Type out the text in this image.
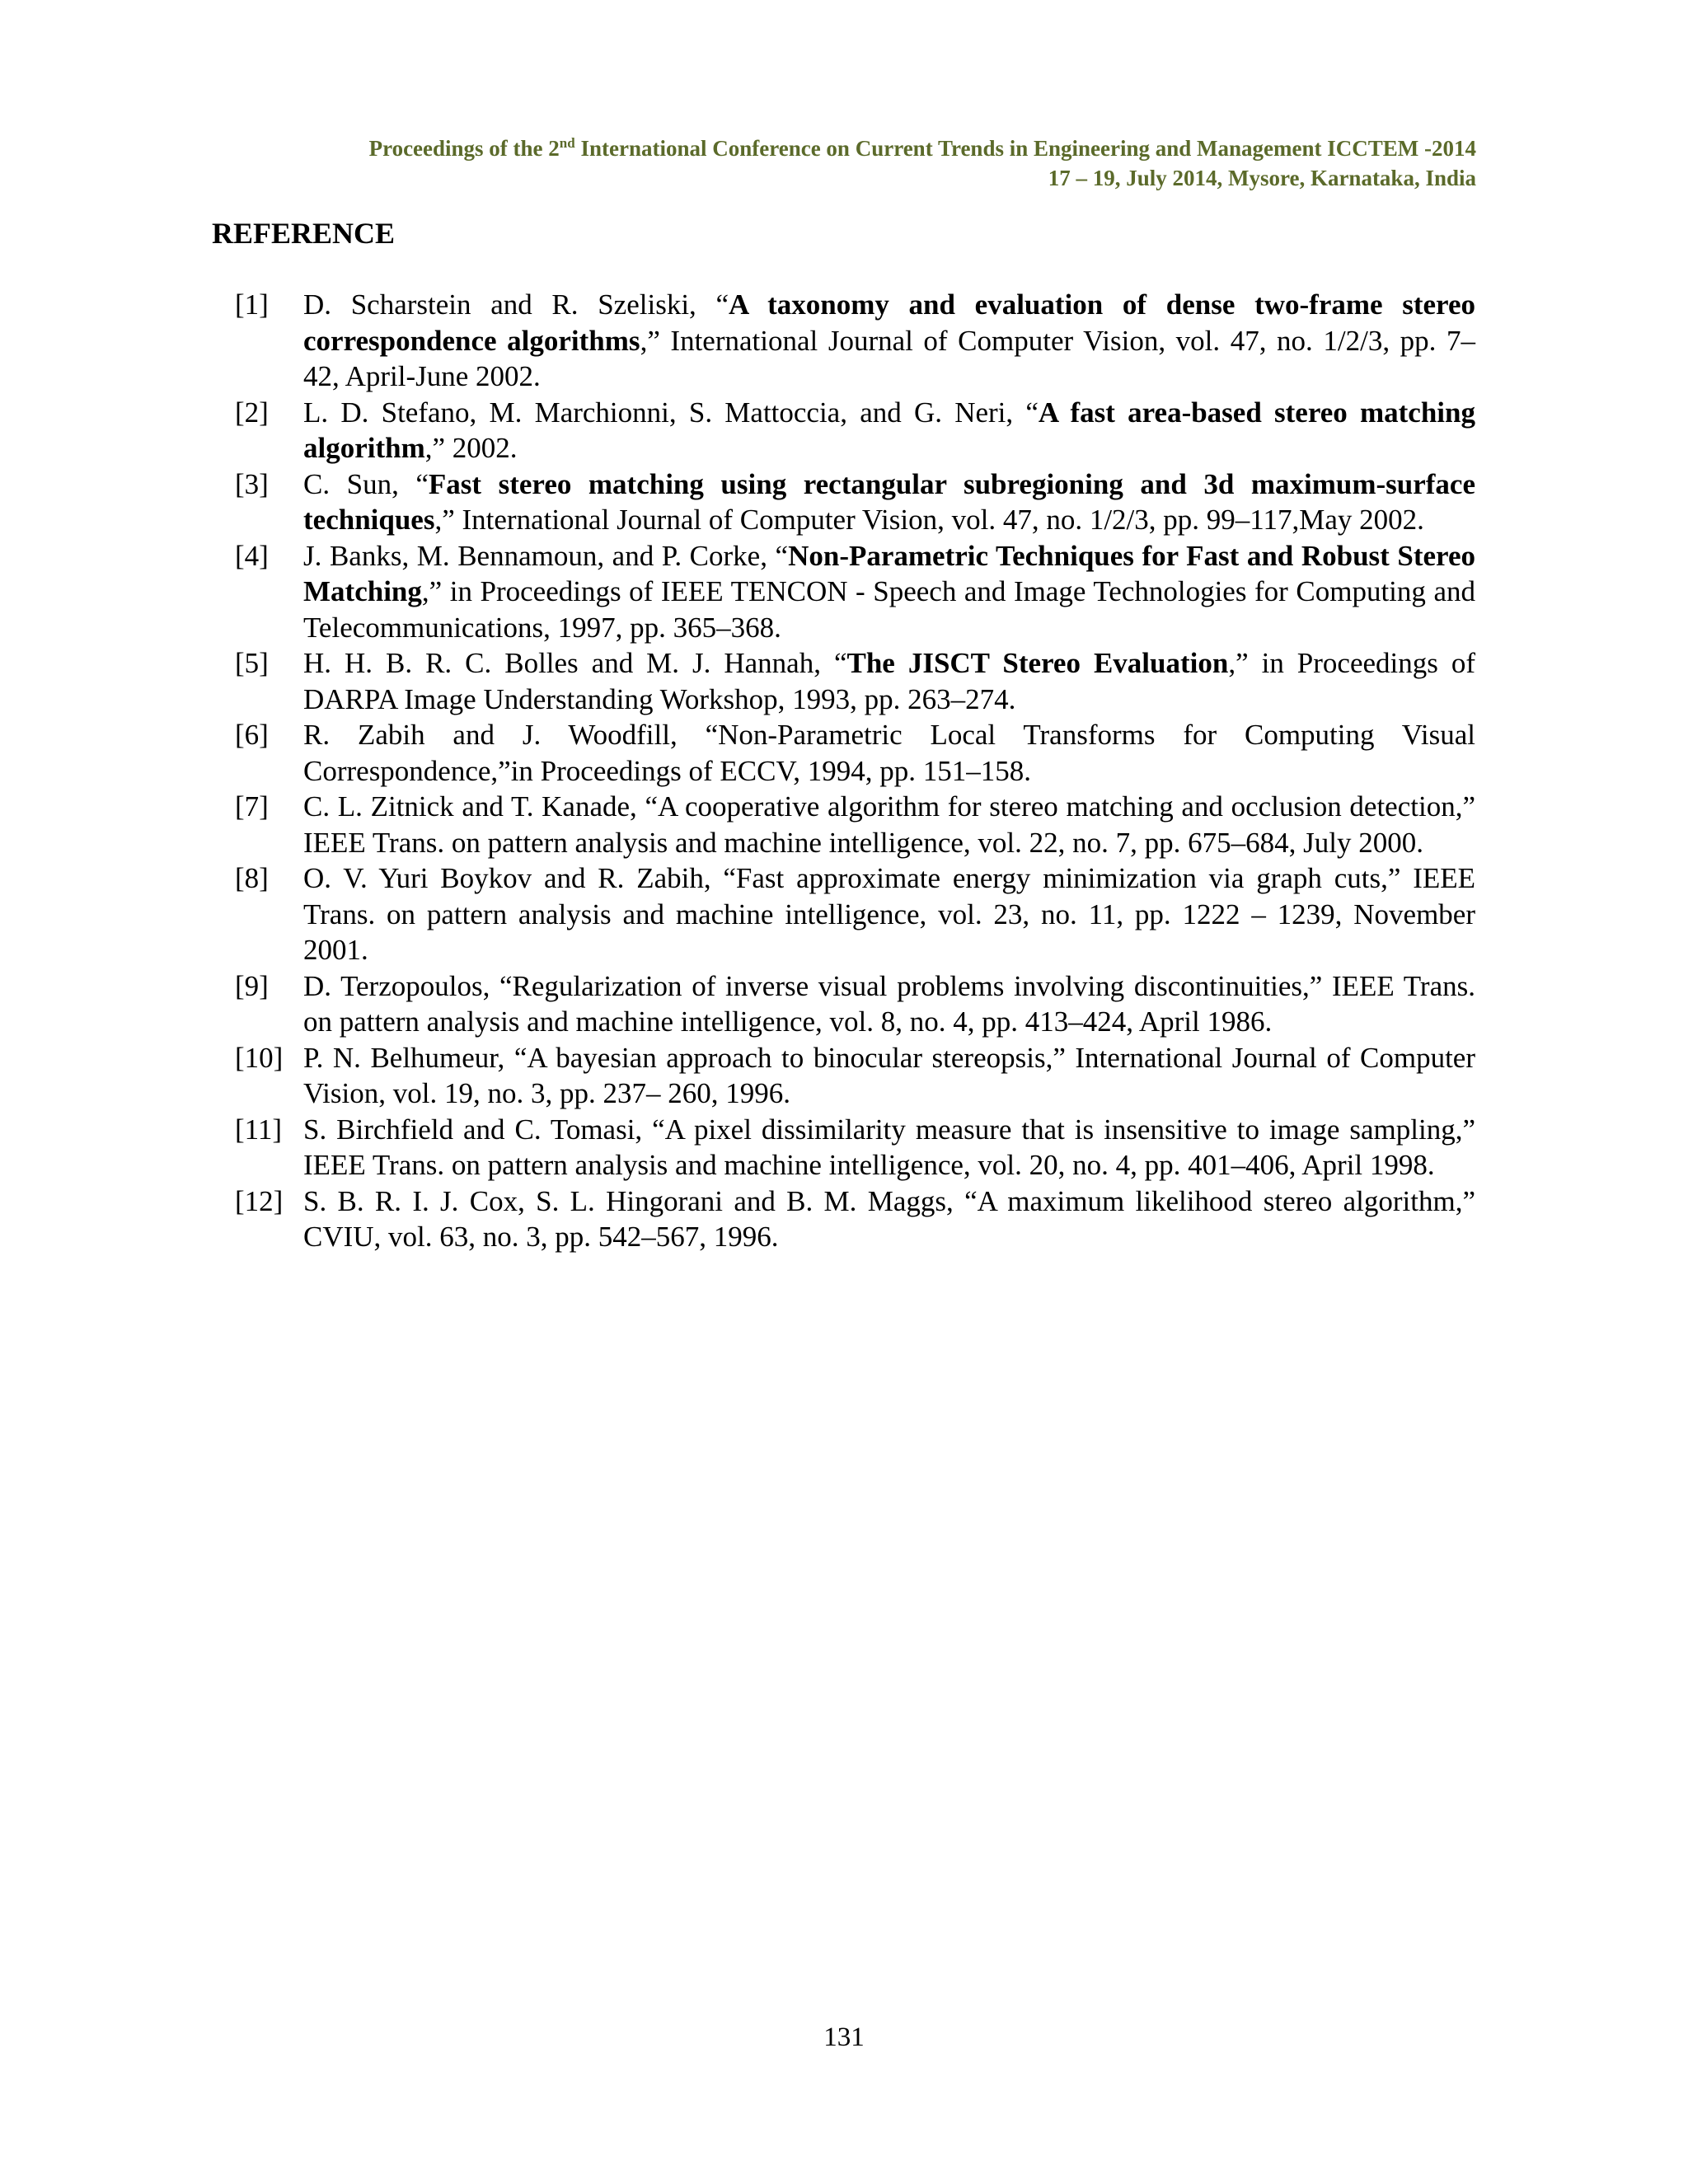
Proceedings of the 2nd International Conference on Current Trends in Engineering and Management ICCTEM -2014
17 – 19, July 2014, Mysore, Karnataka, India
REFERENCE
[1]	D. Scharstein and R. Szeliski, “A taxonomy and evaluation of dense two-frame stereo correspondence algorithms,” International Journal of Computer Vision, vol. 47, no. 1/2/3, pp. 7– 42, April-June 2002.
[2]	L. D. Stefano, M. Marchionni, S. Mattoccia, and G. Neri, “A fast area-based stereo matching algorithm,” 2002.
[3]	C. Sun, “Fast stereo matching using rectangular subregioning and 3d maximum-surface techniques,” International Journal of Computer Vision, vol. 47, no. 1/2/3, pp. 99–117,May 2002.
[4]	J. Banks, M. Bennamoun, and P. Corke, “Non-Parametric Techniques for Fast and Robust Stereo Matching,” in Proceedings of IEEE TENCON - Speech and Image Technologies for Computing and Telecommunications, 1997, pp. 365–368.
[5]	H. H. B. R. C. Bolles and M. J. Hannah, “The JISCT Stereo Evaluation,” in Proceedings of DARPA Image Understanding Workshop, 1993, pp. 263–274.
[6]	R. Zabih and J. Woodfill, “Non-Parametric Local Transforms for Computing Visual Correspondence,”in Proceedings of ECCV, 1994, pp. 151–158.
[7]	C. L. Zitnick and T. Kanade, “A cooperative algorithm for stereo matching and occlusion detection,” IEEE Trans. on pattern analysis and machine intelligence, vol. 22, no. 7, pp. 675–684, July 2000.
[8]	O. V. Yuri Boykov and R. Zabih, “Fast approximate energy minimization via graph cuts,” IEEE Trans. on pattern analysis and machine intelligence, vol. 23, no. 11, pp. 1222 – 1239, November 2001.
[9]	D. Terzopoulos, “Regularization of inverse visual problems involving discontinuities,” IEEE Trans. on pattern analysis and machine intelligence, vol. 8, no. 4, pp. 413–424, April 1986.
[10] P. N. Belhumeur, “A bayesian approach to binocular stereopsis,” International Journal of Computer Vision, vol. 19, no. 3, pp. 237– 260, 1996.
[11] S. Birchfield and C. Tomasi, “A pixel dissimilarity measure that is insensitive to image sampling,” IEEE Trans. on pattern analysis and machine intelligence, vol. 20, no. 4, pp. 401–406, April 1998.
[12] S. B. R. I. J. Cox, S. L. Hingorani and B. M. Maggs, “A maximum likelihood stereo algorithm,” CVIU, vol. 63, no. 3, pp. 542–567, 1996.
131
